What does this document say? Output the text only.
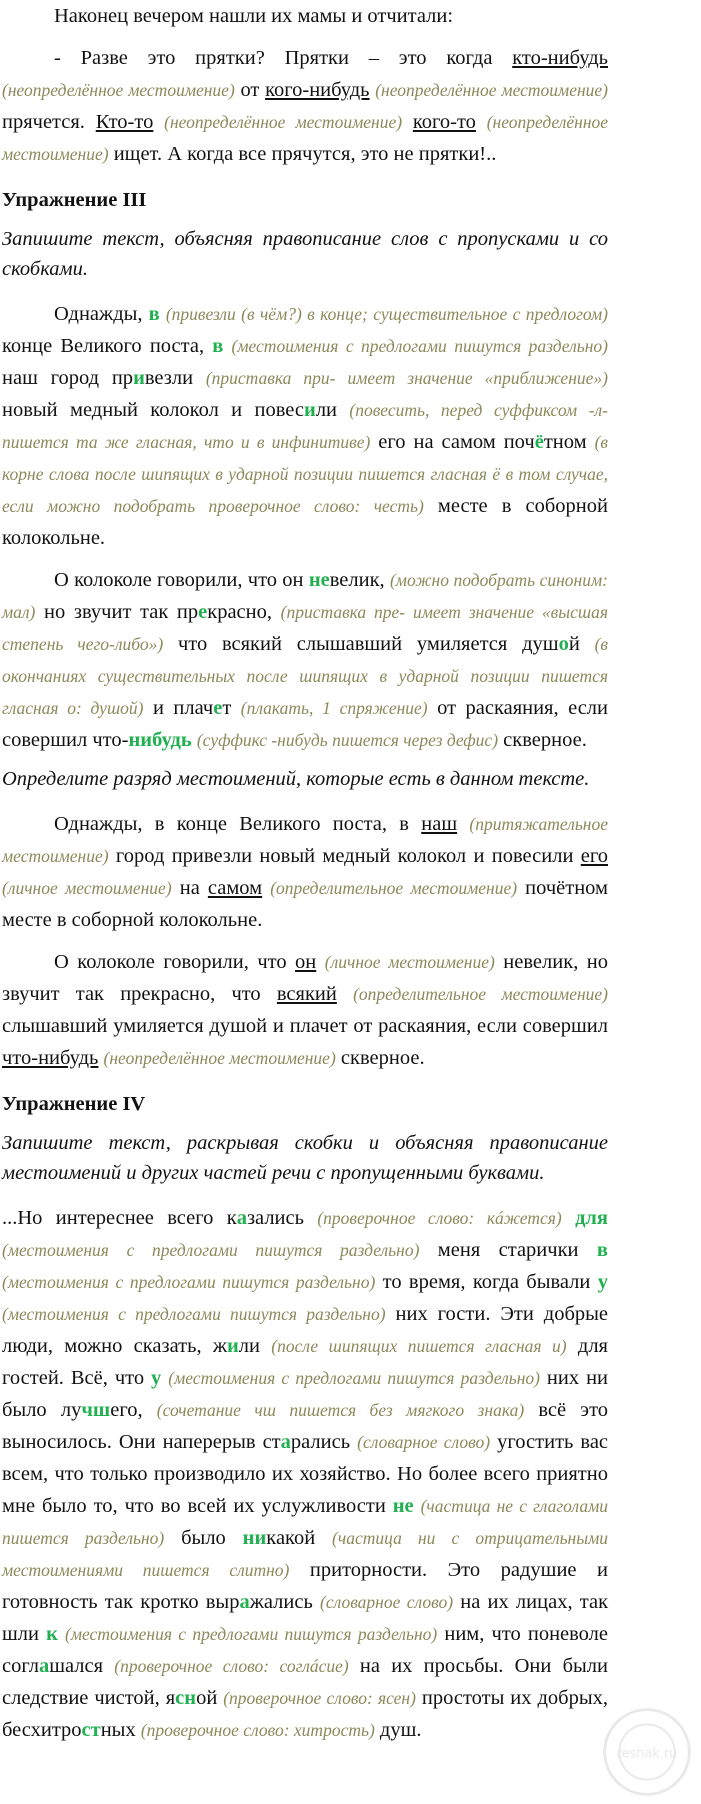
Наконец вечером нашли их мамы и отчитали:

- Разве это прятки? Прятки – это когда кто-нибудь (неопределённое местоимение) от кого-нибудь (неопределённое местоимение) прячется. Кто-то (неопределённое местоимение) кого-то (неопределённое местоимение) ищет. А когда все прячутся, это не прятки!..

Упражнение III

Запишите текст, объясняя правописание слов с пропусками и со скобками.

Однажды, в (привезли (в чём?) в конце; существительное с предлогом) конце Великого поста, в (местоимения с предлогами пишутся раздельно) наш город привезли (приставка при- имеет значение «приближение») новый медный колокол и повесили (повесить, перед суффиксом -л- пишется та же гласная, что и в инфинитиве) его на самом почётном (в корне слова после шипящих в ударной позиции пишется гласная ё в том случае, если можно подобрать проверочное слово: честь) месте в соборной колокольне.

О колоколе говорили, что он невелик, (можно подобрать синоним: мал) но звучит так прекрасно, (приставка пре- имеет значение «высшая степень чего-либо») что всякий слышавший умиляется душой (в окончаниях существительных после шипящих в ударной позиции пишется гласная о: душой) и плачет (плакать, 1 спряжение) от раскаяния, если совершил что-нибудь (суффикс -нибудь пишется через дефис) скверное.

Определите разряд местоимений, которые есть в данном тексте.

Однажды, в конце Великого поста, в наш (притяжательное местоимение) город привезли новый медный колокол и повесили его (личное местоимение) на самом (определительное местоимение) почётном месте в соборной колокольне.

О колоколе говорили, что он (личное местоимение) невелик, но звучит так прекрасно, что всякий (определительное местоимение) слышавший умиляется душой и плачет от раскаяния, если совершил что-нибудь (неопределённое местоимение) скверное.

Упражнение IV

Запишите текст, раскрывая скобки и объясняя правописание местоимений и других частей речи с пропущенными буквами.

...Но интереснее всего казались (проверочное слово: кáжется) для (местоимения с предлогами пишутся раздельно) меня старички в (местоимения с предлогами пишутся раздельно) то время, когда бывали у (местоимения с предлогами пишутся раздельно) них гости. Эти добрые люди, можно сказать, жили (после шипящих пишется гласная и) для гостей. Всё, что у (местоимения с предлогами пишутся раздельно) них ни было лучшего, (сочетание чш пишется без мягкого знака) всё это выносилось. Они наперерыв старались (словарное слово) угостить вас всем, что только производило их хозяйство. Но более всего приятно мне было то, что во всей их услужливости не (частица не с глаголами пишется раздельно) было никакой (частица ни с отрицательными местоимениями пишется слитно) приторности. Это радушие и готовность так кротко выражались (словарное слово) на их лицах, так шли к (местоимения с предлогами пишутся раздельно) ним, что поневоле соглашался (проверочное слово: соглáсие) на их просьбы. Они были следствие чистой, ясной (проверочное слово: ясен) простоты их добрых, бесхитростных (проверочное слово: хитрость) душ.

reshak.ru
